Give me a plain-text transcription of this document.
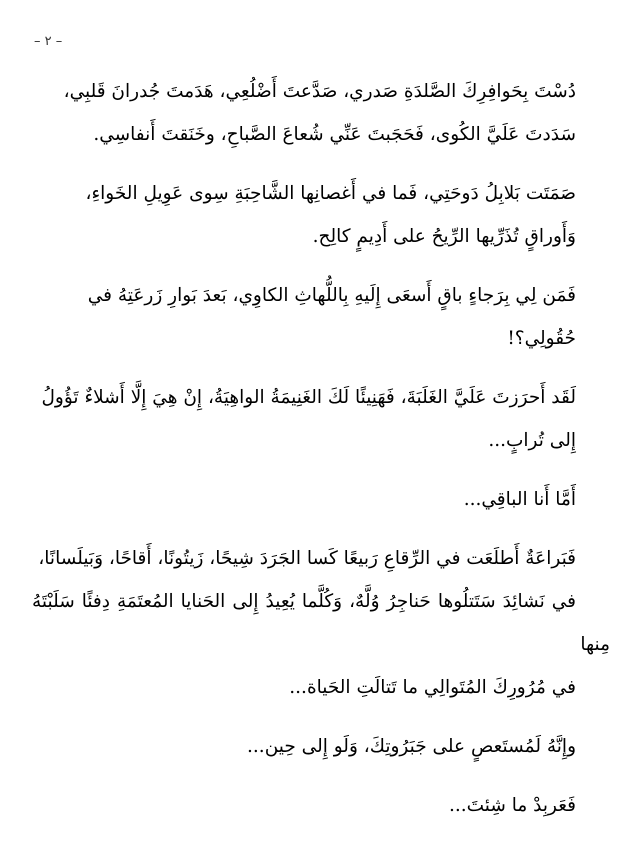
– ٢ –

دُسْتَ بِحَوافِرِكَ الصَّلدَةِ صَدري، صَدَّعتَ أَضْلُعِي، هَدَمتَ جُدرانَ قَلبِي،
سَدَدتَ عَلَيَّ الكُوى، فَحَجَبتَ عَنِّي شُعاعَ الصَّباحِ، وخَنَقتَ أَنفاسِي.

صَمَتَت بَلابِلُ دَوحَتِي، فَما في أَغصانِها الشَّاحِبَةِ سِوى عَوِيلِ الخَواءِ،
وَأَوراقٍ تُذَرِّيها الرِّيحُ على أَدِيمٍ كالِح.

فَمَن لِي بِرَجاءٍ باقٍ أَسعَى إِلَيهِ بِاللُّهاثِ الكاوِي، بَعدَ بَوارِ زَرعَتِهُ في
حُقُولِي؟!

لَقَد أَحرَزتَ عَلَيَّ الغَلَبَةَ، فَهَنِيئًا لَكَ الغَنِيمَةُ الواهِيَةُ، إِنْ هِيَ إِلَّا أَشلاءٌ تَؤُولُ
إِلى تُرابٍ...

أَمَّا أَنا الباقِي...

فَبَراعَةٌ أَطلَعَت في الرِّقاعِ رَبيعًا كَسا الجَرَدَ شِيحًا، زَيتُونًا، أَقاحًا، وَبَيلَسانًا،
في نَشائِدَ سَتَتلُوها حَناجِرُ وُلَّهٌ، وَكُلَّما يُعِيدُ إِلى الحَنايا المُعتَمَةِ دِفئًا سَلَبْتَهُ مِنها
في مُرُورِكَ المُتَوالِي ما تَتالَتِ الحَياة...

وإِنَّهُ لَمُستَعصٍ على جَبَرُوتِكَ، وَلَو إِلى حِين...

فَعَربِدْ ما شِئتَ...
